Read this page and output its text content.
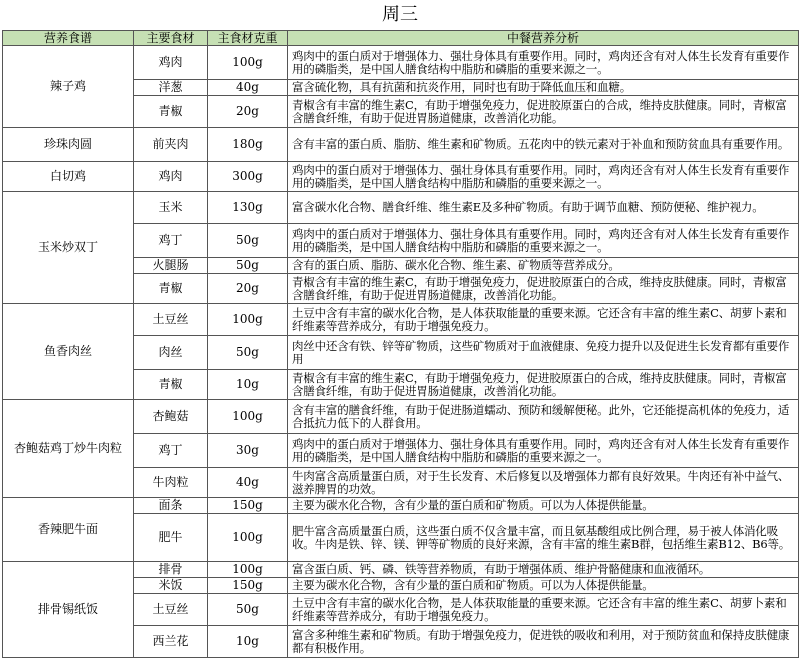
周三
营养食谱	主要食材	主食材克重	中餐营养分析
辣子鸡	鸡肉	100g	鸡肉中的蛋白质对于增强体力、强壮身体具有重要作用。同时，鸡肉还含有对人体生长发育有重要作用的磷脂类，是中国人膳食结构中脂肪和磷脂的重要来源之一。
	洋葱	40g	富含硫化物，具有抗菌和抗炎作用，同时也有助于降低血压和血糖。
	青椒	20g	青椒含有丰富的维生素C，有助于增强免疫力，促进胶原蛋白的合成，维持皮肤健康。同时，青椒富含膳食纤维，有助于促进胃肠道健康，改善消化功能。
珍珠肉圆	前夹肉	180g	含有丰富的蛋白质、脂肪、维生素和矿物质。五花肉中的铁元素对于补血和预防贫血具有重要作用。
白切鸡	鸡肉	300g	鸡肉中的蛋白质对于增强体力、强壮身体具有重要作用。同时，鸡肉还含有对人体生长发育有重要作用的磷脂类，是中国人膳食结构中脂肪和磷脂的重要来源之一。
玉米炒双丁	玉米	130g	富含碳水化合物、膳食纤维、维生素E及多种矿物质。有助于调节血糖、预防便秘、维护视力。
	鸡丁	50g	鸡肉中的蛋白质对于增强体力、强壮身体具有重要作用。同时，鸡肉还含有对人体生长发育有重要作用的磷脂类，是中国人膳食结构中脂肪和磷脂的重要来源之一。
	火腿肠	50g	含有的蛋白质、脂肪、碳水化合物、维生素、矿物质等营养成分。
	青椒	20g	青椒含有丰富的维生素C，有助于增强免疫力，促进胶原蛋白的合成，维持皮肤健康。同时，青椒富含膳食纤维，有助于促进胃肠道健康，改善消化功能。
鱼香肉丝	土豆丝	100g	土豆中含有丰富的碳水化合物，是人体获取能量的重要来源。它还含有丰富的维生素C、胡萝卜素和纤维素等营养成分，有助于增强免疫力。
	肉丝	50g	肉丝中还含有铁、锌等矿物质，这些矿物质对于血液健康、免疫力提升以及促进生长发育都有重要作用
	青椒	10g	青椒含有丰富的维生素C，有助于增强免疫力，促进胶原蛋白的合成，维持皮肤健康。同时，青椒富含膳食纤维，有助于促进胃肠道健康，改善消化功能。
杏鲍菇鸡丁炒牛肉粒	杏鲍菇	100g	含有丰富的膳食纤维，有助于促进肠道蠕动、预防和缓解便秘。此外，它还能提高机体的免疫力，适合抵抗力低下的人群食用。
	鸡丁	30g	鸡肉中的蛋白质对于增强体力、强壮身体具有重要作用。同时，鸡肉还含有对人体生长发育有重要作用的磷脂类，是中国人膳食结构中脂肪和磷脂的重要来源之一。
	牛肉粒	40g	牛肉富含高质量蛋白质，对于生长发育、术后修复以及增强体力都有良好效果。牛肉还有补中益气、滋养脾胃的功效。
香辣肥牛面	面条	150g	主要为碳水化合物，含有少量的蛋白质和矿物质。可以为人体提供能量。
	肥牛	100g	肥牛富含高质量蛋白质，这些蛋白质不仅含量丰富，而且氨基酸组成比例合理，易于被人体消化吸收。牛肉是铁、锌、镁、钾等矿物质的良好来源，含有丰富的维生素B群，包括维生素B12、B6等。
排骨锡纸饭	排骨	100g	富含蛋白质、钙、磷、铁等营养物质，有助于增强体质、维护骨骼健康和血液循环。
	米饭	150g	主要为碳水化合物，含有少量的蛋白质和矿物质。可以为人体提供能量。
	土豆丝	50g	土豆中含有丰富的碳水化合物，是人体获取能量的重要来源。它还含有丰富的维生素C、胡萝卜素和纤维素等营养成分，有助于增强免疫力。
	西兰花	10g	富含多种维生素和矿物质。有助于增强免疫力，促进铁的吸收和利用，对于预防贫血和保持皮肤健康都有积极作用。
